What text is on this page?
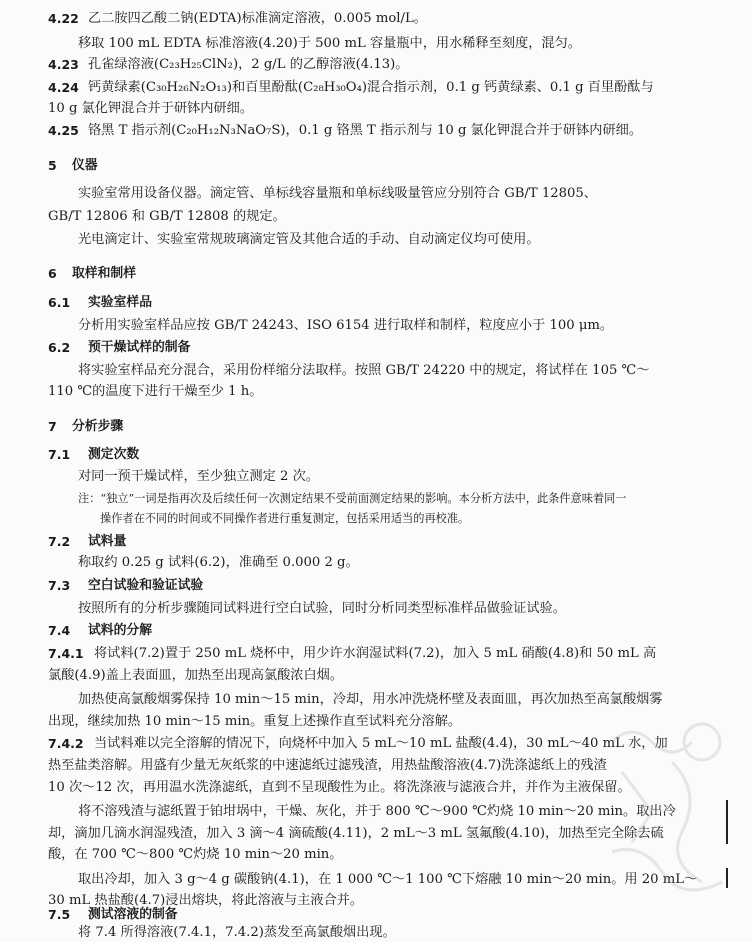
4.22 乙二胺四乙酸二钠(EDTA)标准滴定溶液，0.005 mol/L。
移取 100 mL EDTA 标准溶液(4.20)于 500 mL 容量瓶中，用水稀释至刻度，混匀。
4.23 孔雀绿溶液(C₂₃H₂₅ClN₂)，2 g/L 的乙醇溶液(4.13)。
4.24 钙黄绿素(C₃₀H₂₆N₂O₁₃)和百里酚酞(C₂₈H₃₀O₄)混合指示剂，0.1 g 钙黄绿素、0.1 g 百里酚酞与
10 g 氯化钾混合并于研钵内研细。
4.25 铬黑 T 指示剂(C₂₀H₁₂N₃NaO₇S)，0.1 g 铬黑 T 指示剂与 10 g 氯化钾混合并于研钵内研细。
5 仪器
实验室常用设备仪器。滴定管、单标线容量瓶和单标线吸量管应分别符合 GB/T 12805、
GB/T 12806 和 GB/T 12808 的规定。
光电滴定计、实验室常规玻璃滴定管及其他合适的手动、自动滴定仪均可使用。
6 取样和制样
6.1 实验室样品
分析用实验室样品应按 GB/T 24243、ISO 6154 进行取样和制样，粒度应小于 100 μm。
6.2 预干燥试样的制备
将实验室样品充分混合，采用份样缩分法取样。按照 GB/T 24220 中的规定，将试样在 105 ℃～
110 ℃的温度下进行干燥至少 1 h。
7 分析步骤
7.1 测定次数
对同一预干燥试样，至少独立测定 2 次。
注：“独立”一词是指再次及后续任何一次测定结果不受前面测定结果的影响。本分析方法中，此条件意味着同一
操作者在不同的时间或不同操作者进行重复测定，包括采用适当的再校准。
7.2 试料量
称取约 0.25 g 试料(6.2)，准确至 0.000 2 g。
7.3 空白试验和验证试验
按照所有的分析步骤随同试料进行空白试验，同时分析同类型标准样品做验证试验。
7.4 试料的分解
7.4.1 将试料(7.2)置于 250 mL 烧杯中，用少许水润湿试料(7.2)，加入 5 mL 硝酸(4.8)和 50 mL 高
氯酸(4.9)盖上表面皿，加热至出现高氯酸浓白烟。
加热使高氯酸烟雾保持 10 min～15 min，冷却，用水冲洗烧杯壁及表面皿，再次加热至高氯酸烟雾
出现，继续加热 10 min～15 min。重复上述操作直至试料充分溶解。
7.4.2 当试料难以完全溶解的情况下，向烧杯中加入 5 mL～10 mL 盐酸(4.4)，30 mL～40 mL 水，加
热至盐类溶解。用盛有少量无灰纸浆的中速滤纸过滤残渣，用热盐酸溶液(4.7)洗涤滤纸上的残渣
10 次～12 次，再用温水洗涤滤纸，直到不呈现酸性为止。将洗涤液与滤液合并，并作为主液保留。
将不溶残渣与滤纸置于铂坩埚中，干燥、灰化，并于 800 ℃～900 ℃灼烧 10 min～20 min。取出冷
却，滴加几滴水润湿残渣，加入 3 滴～4 滴硫酸(4.11)，2 mL～3 mL 氢氟酸(4.10)，加热至完全除去硫
酸，在 700 ℃～800 ℃灼烧 10 min～20 min。
取出冷却，加入 3 g～4 g 碳酸钠(4.1)，在 1 000 ℃～1 100 ℃下熔融 10 min～20 min。用 20 mL～
30 mL 热盐酸(4.7)浸出熔块，将此溶液与主液合并。
7.5 测试溶液的制备
将 7.4 所得溶液(7.4.1，7.4.2)蒸发至高氯酸烟出现。
